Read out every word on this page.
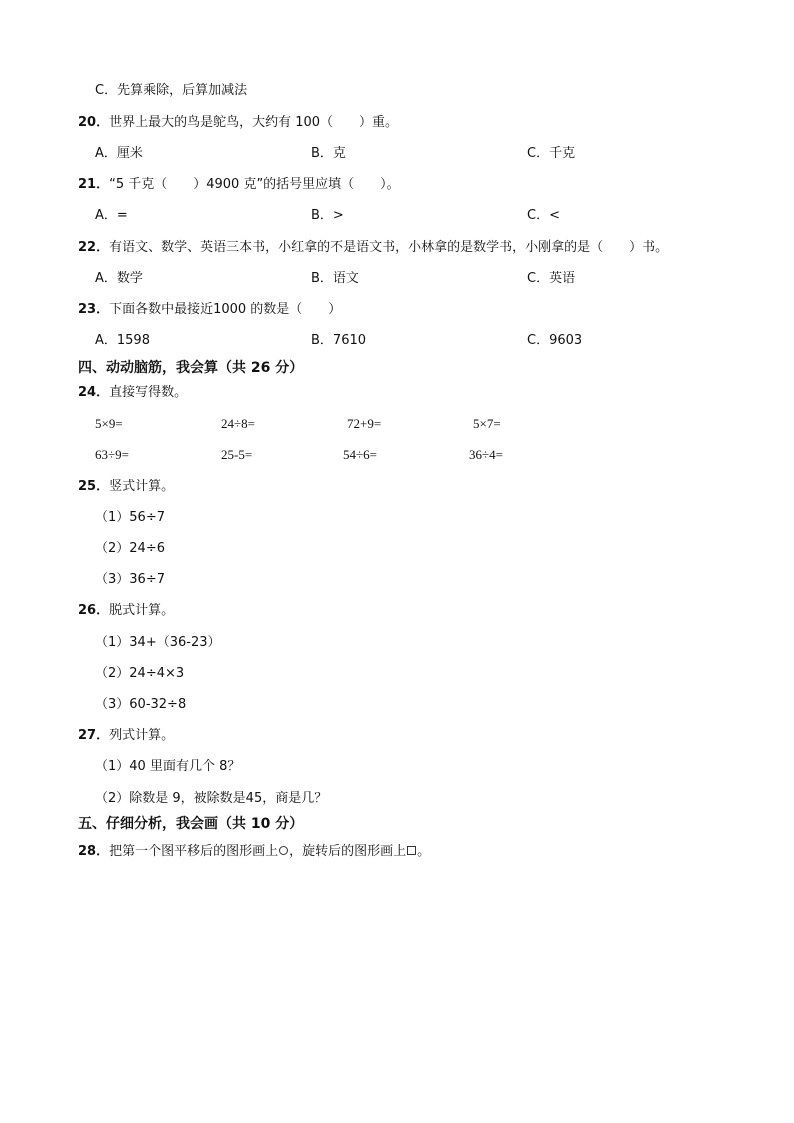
C．先算乘除，后算加减法
20．世界上最大的鸟是鸵鸟，大约有 100（　　）重。
A．厘米	B．克	C．千克
21．“5 千克（　　）4900 克”的括号里应填（　　）。
A．=	B．>	C．<
22．有语文、数学、英语三本书，小红拿的不是语文书，小林拿的是数学书，小刚拿的是（　　）书。
A．数学	B．语文	C．英语
23．下面各数中最接近1000 的数是（　　）
A．1598	B．7610	C．9603
四、动动脑筋，我会算（共 26 分）
24．直接写得数。
5×9=	24÷8=	72+9=	5×7=
63÷9=	25-5=	54÷6=	36÷4=
25．竖式计算。
（1）56÷7
（2）24÷6
（3）36÷7
26．脱式计算。
（1）34+（36-23）
（2）24÷4×3
（3）60-32÷8
27．列式计算。
（1）40 里面有几个 8？
（2）除数是 9，被除数是45，商是几？
五、仔细分析，我会画（共 10 分）
28．把第一个图平移后的图形画上 ，旋转后的图形画上 。
